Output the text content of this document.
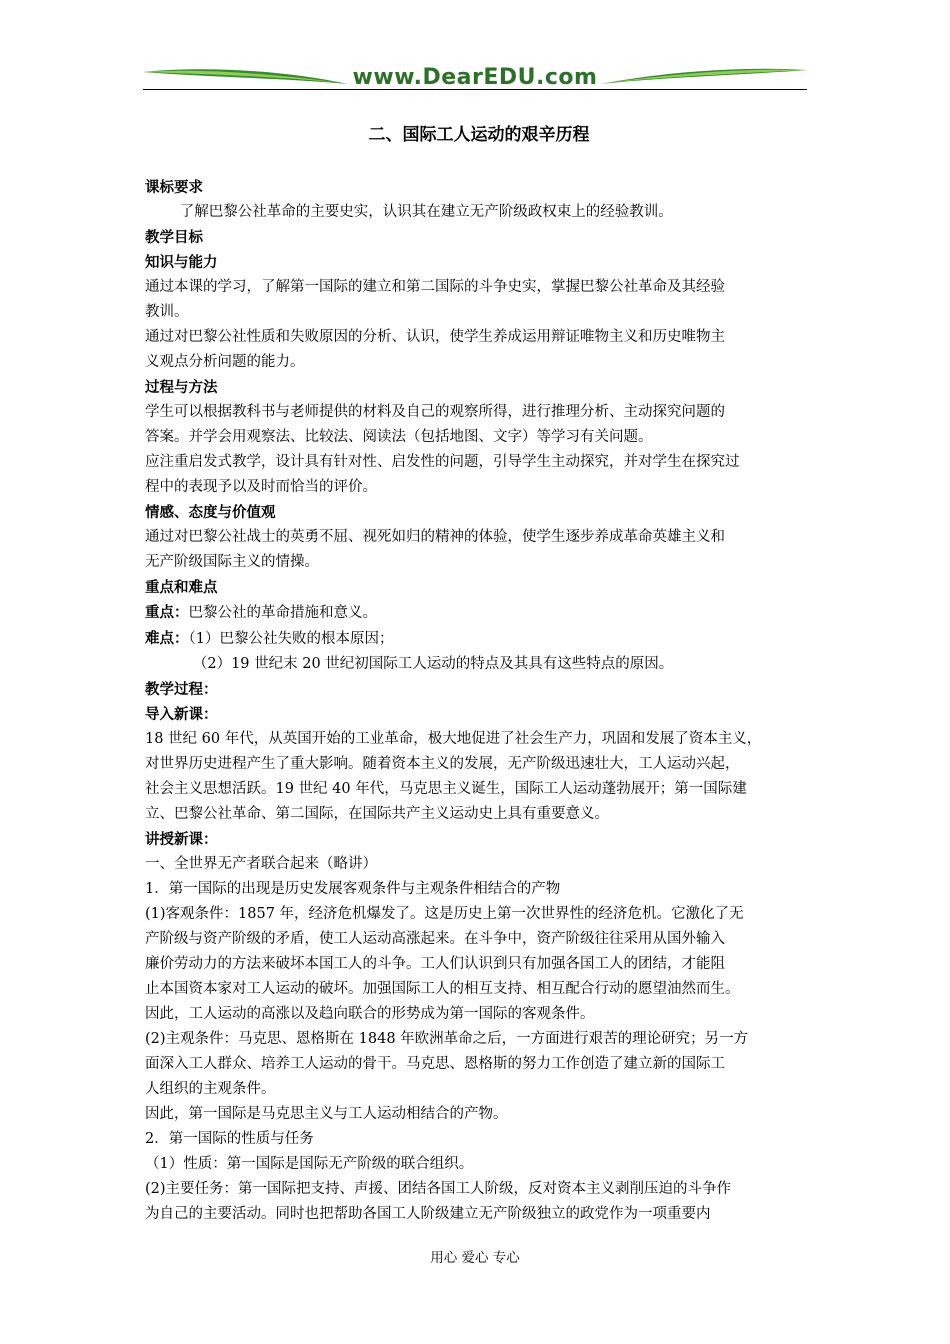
www.DearEDU.com
二、国际工人运动的艰辛历程

课标要求

了解巴黎公社革命的主要史实，认识其在建立无产阶级政权束上的经验教训。

教学目标

知识与能力

通过本课的学习，了解第一国际的建立和第二国际的斗争史实，掌握巴黎公社革命及其经验

教训。

通过对巴黎公社性质和失败原因的分析、认识，使学生养成运用辩证唯物主义和历史唯物主

义观点分析问题的能力。

过程与方法

学生可以根据教科书与老师提供的材料及自己的观察所得，进行推理分析、主动探究问题的

答案。并学会用观察法、比较法、阅读法（包括地图、文字）等学习有关问题。

应注重启发式教学，设计具有针对性、启发性的问题，引导学生主动探究，并对学生在探究过

程中的表现予以及时而恰当的评价。

情感、态度与价值观

通过对巴黎公社战士的英勇不屈、视死如归的精神的体验，使学生逐步养成革命英雄主义和

无产阶级国际主义的情操。

重点和难点

重点：巴黎公社的革命措施和意义。

难点：（1）巴黎公社失败的根本原因；

（2）19 世纪末 20 世纪初国际工人运动的特点及其具有这些特点的原因。

教学过程：

导入新课：

18 世纪 60 年代，从英国开始的工业革命，极大地促进了社会生产力，巩固和发展了资本主义，

对世界历史进程产生了重大影响。随着资本主义的发展，无产阶级迅速壮大，工人运动兴起，

社会主义思想活跃。19 世纪 40 年代，马克思主义诞生，国际工人运动蓬勃展开；第一国际建

立、巴黎公社革命、第二国际，在国际共产主义运动史上具有重要意义。

讲授新课：

一、全世界无产者联合起来（略讲）

1．第一国际的出现是历史发展客观条件与主观条件相结合的产物

(1)客观条件：1857 年，经济危机爆发了。这是历史上第一次世界性的经济危机。它激化了无

产阶级与资产阶级的矛盾，使工人运动高涨起来。在斗争中，资产阶级往往采用从国外输入

廉价劳动力的方法来破坏本国工人的斗争。工人们认识到只有加强各国工人的团结，才能阻

止本国资本家对工人运动的破坏。加强国际工人的相互支持、相互配合行动的愿望油然而生。

因此，工人运动的高涨以及趋向联合的形势成为第一国际的客观条件。

(2)主观条件：马克思、恩格斯在 1848 年欧洲革命之后，一方面进行艰苦的理论研究；另一方

面深入工人群众、培养工人运动的骨干。马克思、恩格斯的努力工作创造了建立新的国际工

人组织的主观条件。

因此，第一国际是马克思主义与工人运动相结合的产物。

2．第一国际的性质与任务

（1）性质：第一国际是国际无产阶级的联合组织。

(2)主要任务：第一国际把支持、声援、团结各国工人阶级，反对资本主义剥削压迫的斗争作

为自己的主要活动。同时也把帮助各国工人阶级建立无产阶级独立的政党作为一项重要内

用心 爱心 专心
